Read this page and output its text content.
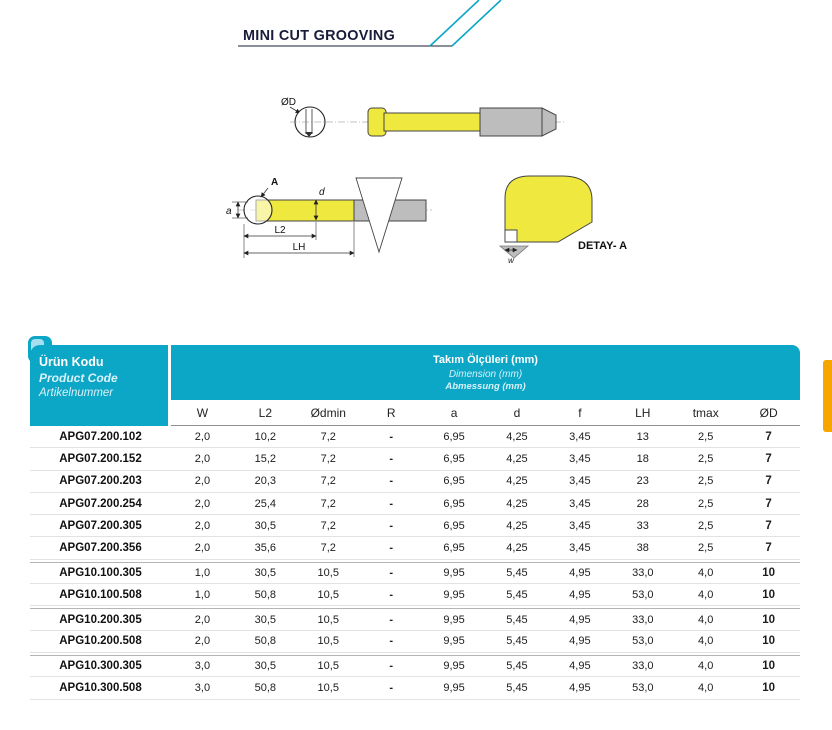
MINI CUT GROOVING
ØD
A
a
d
L2
LH
w
DETAY- A
Ürün Kodu
Product Code
Artikelnummer
Takım Ölçüleri (mm)
Dimension (mm)
Abmessung (mm)
W	L2	Ødmin	R	a	d	f	LH	tmax	ØD
APG07.200.102	2,0	10,2	7,2	-	6,95	4,25	3,45	13	2,5	7
APG07.200.152	2,0	15,2	7,2	-	6,95	4,25	3,45	18	2,5	7
APG07.200.203	2,0	20,3	7,2	-	6,95	4,25	3,45	23	2,5	7
APG07.200.254	2,0	25,4	7,2	-	6,95	4,25	3,45	28	2,5	7
APG07.200.305	2,0	30,5	7,2	-	6,95	4,25	3,45	33	2,5	7
APG07.200.356	2,0	35,6	7,2	-	6,95	4,25	3,45	38	2,5	7
APG10.100.305	1,0	30,5	10,5	-	9,95	5,45	4,95	33,0	4,0	10
APG10.100.508	1,0	50,8	10,5	-	9,95	5,45	4,95	53,0	4,0	10
APG10.200.305	2,0	30,5	10,5	-	9,95	5,45	4,95	33,0	4,0	10
APG10.200.508	2,0	50,8	10,5	-	9,95	5,45	4,95	53,0	4,0	10
APG10.300.305	3,0	30,5	10,5	-	9,95	5,45	4,95	33,0	4,0	10
APG10.300.508	3,0	50,8	10,5	-	9,95	5,45	4,95	53,0	4,0	10
